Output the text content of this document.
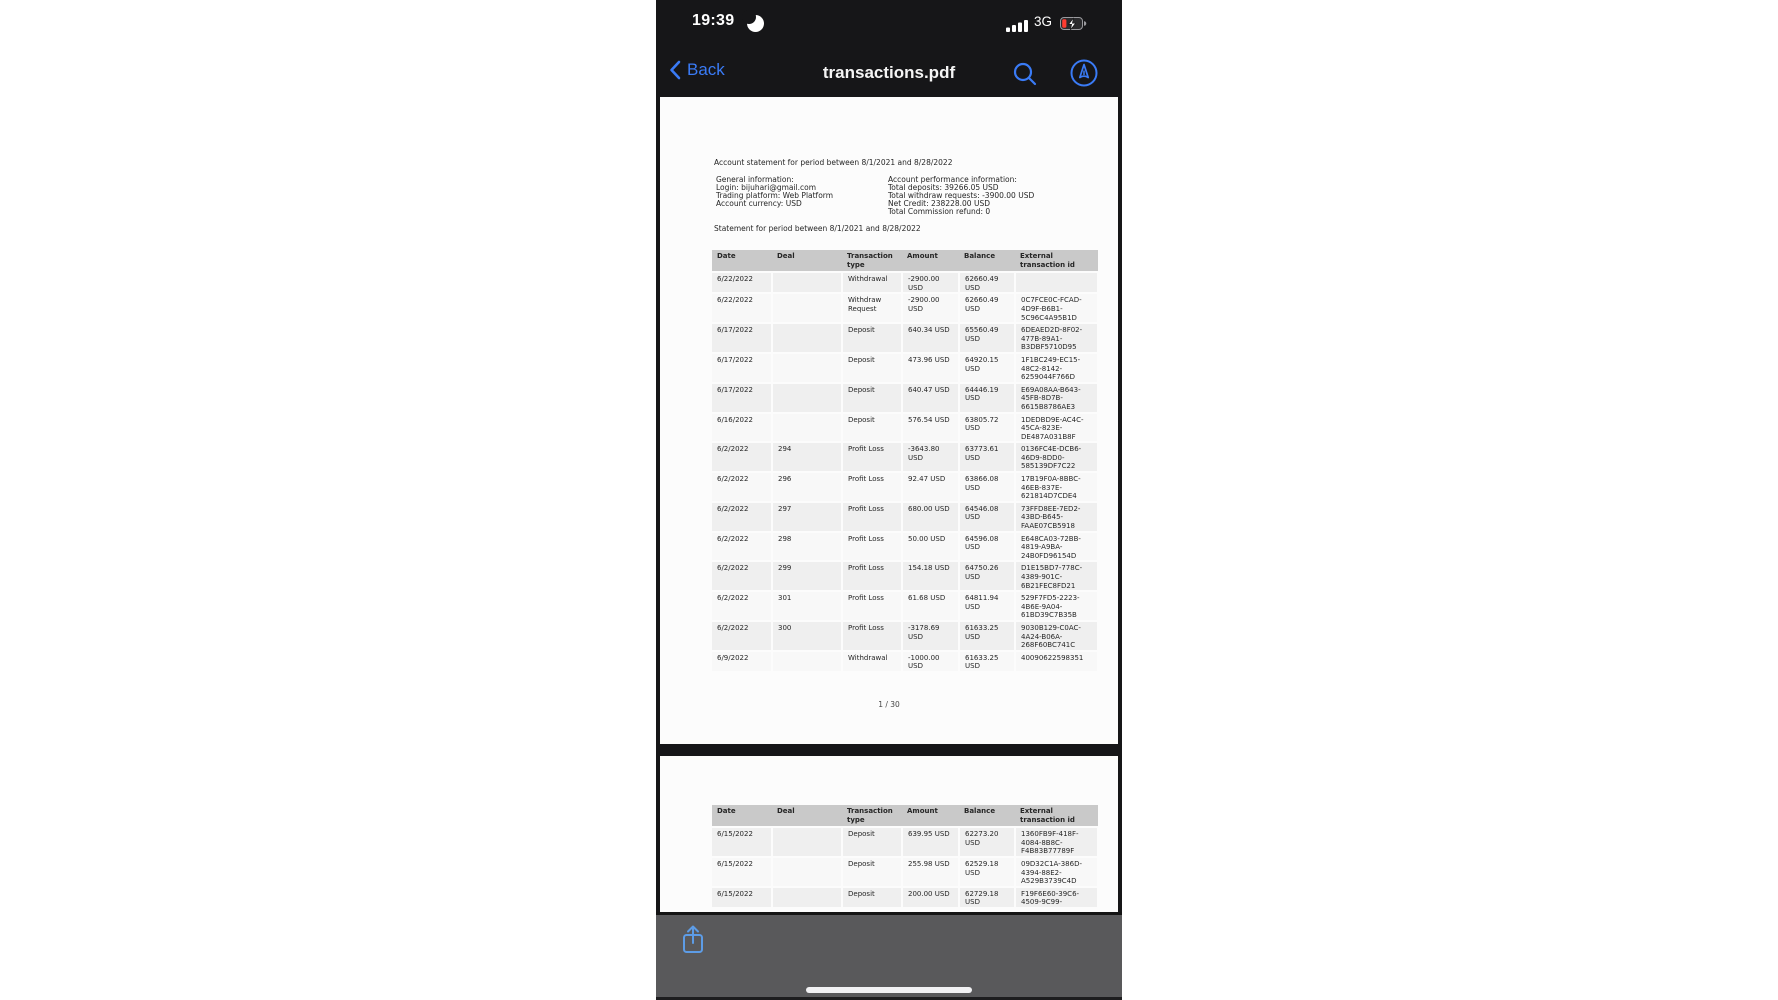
19:39	3G
Back	transactions.pdf
Account statement for period between 8/1/2021 and 8/28/2022
General information:
Login: bijuhari@gmail.com
Trading platform: Web Platform
Account currency: USD
Account performance information:
Total deposits: 39266.05 USD
Total withdraw requests: -3900.00 USD
Net Credit: 238228.00 USD
Total Commission refund: 0
Statement for period between 8/1/2021 and 8/28/2022
Date	Deal	Transaction type	Amount	Balance	External transaction id
6/22/2022		Withdrawal	-2900.00 USD	62660.49 USD	
6/22/2022		Withdraw Request	-2900.00 USD	62660.49 USD	0C7FCE0C-FCAD-4D9F-B6B1-5C96C4A95B1D
6/17/2022		Deposit	640.34 USD	65560.49 USD	6DEAED2D-8F02-477B-89A1-B3DBF5710D95
6/17/2022		Deposit	473.96 USD	64920.15 USD	1F1BC249-EC15-48C2-8142-6259044F766D
6/17/2022		Deposit	640.47 USD	64446.19 USD	E69A08AA-B643-45FB-8D7B-6615B8786AE3
6/16/2022		Deposit	576.54 USD	63805.72 USD	1DEDBD9E-AC4C-45CA-823E-DE487A031B8F
6/2/2022	294	Profit Loss	-3643.80 USD	63773.61 USD	0136FC4E-DCB6-46D9-8DD0-585139DF7C22
6/2/2022	296	Profit Loss	92.47 USD	63866.08 USD	17B19F0A-8BBC-46EB-837E-621814D7CDE4
6/2/2022	297	Profit Loss	680.00 USD	64546.08 USD	73FFD8EE-7ED2-43BD-B645-FAAE07CB5918
6/2/2022	298	Profit Loss	50.00 USD	64596.08 USD	E648CA03-72BB-4819-A9BA-24B0FD96154D
6/2/2022	299	Profit Loss	154.18 USD	64750.26 USD	D1E15BD7-778C-4389-901C-6B21FEC8FD21
6/2/2022	301	Profit Loss	61.68 USD	64811.94 USD	529F7FD5-2223-4B6E-9A04-61BD39C7B35B
6/2/2022	300	Profit Loss	-3178.69 USD	61633.25 USD	9030B129-C0AC-4A24-B06A-268F60BC741C
6/9/2022		Withdrawal	-1000.00 USD	61633.25 USD	40090622598351
1 / 30
Date	Deal	Transaction type	Amount	Balance	External transaction id
6/15/2022		Deposit	639.95 USD	62273.20 USD	1360FB9F-418F-4084-8B8C-F4B83B77789F
6/15/2022		Deposit	255.98 USD	62529.18 USD	09D32C1A-386D-4394-88E2-A529B3739C4D
6/15/2022		Deposit	200.00 USD	62729.18 USD	F19F6E60-39C6-4509-9C99-
